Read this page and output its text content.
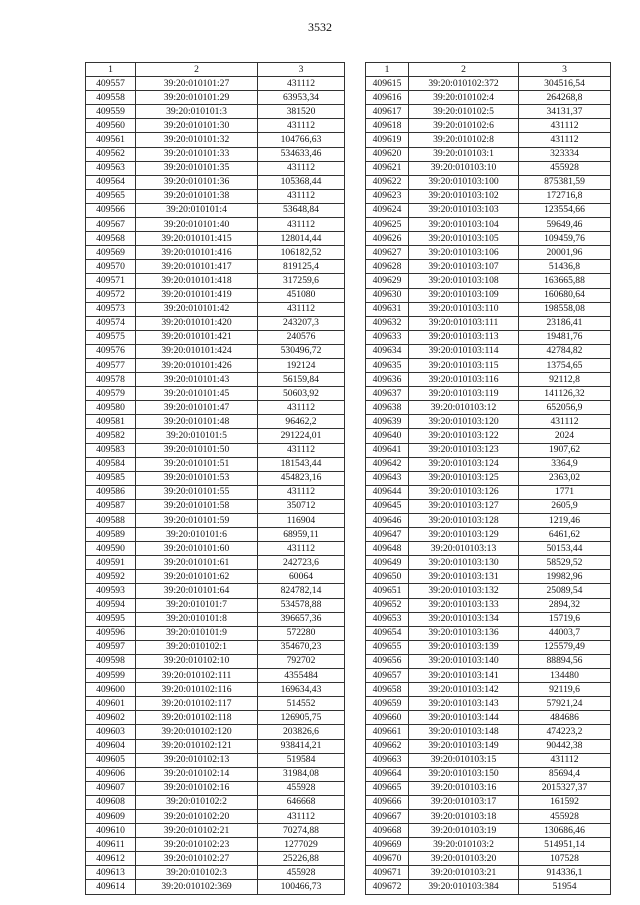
3532
1	2	3
409557	39:20:010101:27	431112
409558	39:20:010101:29	63953,34
409559	39:20:010101:3	381520
409560	39:20:010101:30	431112
409561	39:20:010101:32	104766,63
409562	39:20:010101:33	534633,46
409563	39:20:010101:35	431112
409564	39:20:010101:36	105368,44
409565	39:20:010101:38	431112
409566	39:20:010101:4	53648,84
409567	39:20:010101:40	431112
409568	39:20:010101:415	128014,44
409569	39:20:010101:416	106182,52
409570	39:20:010101:417	819125,4
409571	39:20:010101:418	317259,6
409572	39:20:010101:419	451080
409573	39:20:010101:42	431112
409574	39:20:010101:420	243207,3
409575	39:20:010101:421	240576
409576	39:20:010101:424	530496,72
409577	39:20:010101:426	192124
409578	39:20:010101:43	56159,84
409579	39:20:010101:45	50603,92
409580	39:20:010101:47	431112
409581	39:20:010101:48	96462,2
409582	39:20:010101:5	291224,01
409583	39:20:010101:50	431112
409584	39:20:010101:51	181543,44
409585	39:20:010101:53	454823,16
409586	39:20:010101:55	431112
409587	39:20:010101:58	350712
409588	39:20:010101:59	116904
409589	39:20:010101:6	68959,11
409590	39:20:010101:60	431112
409591	39:20:010101:61	242723,6
409592	39:20:010101:62	60064
409593	39:20:010101:64	824782,14
409594	39:20:010101:7	534578,88
409595	39:20:010101:8	396657,36
409596	39:20:010101:9	572280
409597	39:20:010102:1	354670,23
409598	39:20:010102:10	792702
409599	39:20:010102:111	4355484
409600	39:20:010102:116	169634,43
409601	39:20:010102:117	514552
409602	39:20:010102:118	126905,75
409603	39:20:010102:120	203826,6
409604	39:20:010102:121	938414,21
409605	39:20:010102:13	519584
409606	39:20:010102:14	31984,08
409607	39:20:010102:16	455928
409608	39:20:010102:2	646668
409609	39:20:010102:20	431112
409610	39:20:010102:21	70274,88
409611	39:20:010102:23	1277029
409612	39:20:010102:27	25226,88
409613	39:20:010102:3	455928
409614	39:20:010102:369	100466,73
1	2	3
409615	39:20:010102:372	304516,54
409616	39:20:010102:4	264268,8
409617	39:20:010102:5	34131,37
409618	39:20:010102:6	431112
409619	39:20:010102:8	431112
409620	39:20:010103:1	323334
409621	39:20:010103:10	455928
409622	39:20:010103:100	875381,59
409623	39:20:010103:102	172716,8
409624	39:20:010103:103	123554,66
409625	39:20:010103:104	59649,46
409626	39:20:010103:105	109459,76
409627	39:20:010103:106	20001,96
409628	39:20:010103:107	51436,8
409629	39:20:010103:108	163665,88
409630	39:20:010103:109	160680,64
409631	39:20:010103:110	198558,08
409632	39:20:010103:111	23186,41
409633	39:20:010103:113	19481,76
409634	39:20:010103:114	42784,82
409635	39:20:010103:115	13754,65
409636	39:20:010103:116	92112,8
409637	39:20:010103:119	141126,32
409638	39:20:010103:12	652056,9
409639	39:20:010103:120	431112
409640	39:20:010103:122	2024
409641	39:20:010103:123	1907,62
409642	39:20:010103:124	3364,9
409643	39:20:010103:125	2363,02
409644	39:20:010103:126	1771
409645	39:20:010103:127	2605,9
409646	39:20:010103:128	1219,46
409647	39:20:010103:129	6461,62
409648	39:20:010103:13	50153,44
409649	39:20:010103:130	58529,52
409650	39:20:010103:131	19982,96
409651	39:20:010103:132	25089,54
409652	39:20:010103:133	2894,32
409653	39:20:010103:134	15719,6
409654	39:20:010103:136	44003,7
409655	39:20:010103:139	125579,49
409656	39:20:010103:140	88894,56
409657	39:20:010103:141	134480
409658	39:20:010103:142	92119,6
409659	39:20:010103:143	57921,24
409660	39:20:010103:144	484686
409661	39:20:010103:148	474223,2
409662	39:20:010103:149	90442,38
409663	39:20:010103:15	431112
409664	39:20:010103:150	85694,4
409665	39:20:010103:16	2015327,37
409666	39:20:010103:17	161592
409667	39:20:010103:18	455928
409668	39:20:010103:19	130686,46
409669	39:20:010103:2	514951,14
409670	39:20:010103:20	107528
409671	39:20:010103:21	914336,1
409672	39:20:010103:384	51954
